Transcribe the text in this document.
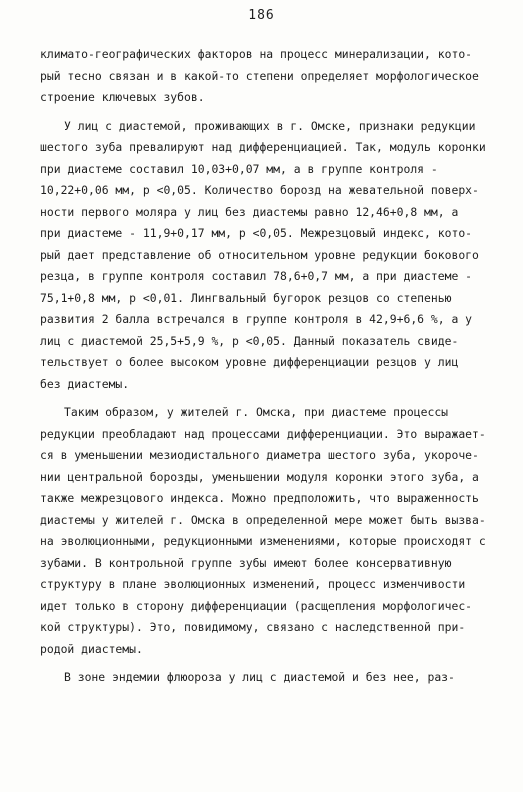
186
климато-географических факторов на процесс минерализации, кото-
рый тесно связан и в какой-то степени определяет морфологическое
строение ключевых зубов.
У лиц с диастемой, проживающих в г. Омске, признаки редукции
шестого зуба превалируют над дифференциацией. Так, модуль коронки
при диастеме составил 10,03+0,07 мм, а в группе контроля -
10,22+0,06 мм, р <0,05. Количество борозд на жевательной поверх-
ности первого моляра у лиц без диастемы равно 12,46+0,8 мм, а
при диастеме - 11,9+0,17 мм, р <0,05. Межрезцовый индекс, кото-
рый дает представление об относительном уровне редукции бокового
резца, в группе контроля составил 78,6+0,7 мм, а при диастеме -
75,1+0,8 мм, р <0,01. Лингвальный бугорок резцов со степенью
развития 2 балла встречался в группе контроля в 42,9+6,6 %, а у
лиц с диастемой 25,5+5,9 %, р <0,05. Данный показатель свиде-
тельствует о более высоком уровне дифференциации резцов у лиц
без диастемы.
Таким образом, у жителей г. Омска, при диастеме процессы
редукции преобладают над процессами дифференциации. Это выражает-
ся в уменьшении мезиодистального диаметра шестого зуба, укороче-
нии центральной борозды, уменьшении модуля коронки этого зуба, а
также межрезцового индекса. Можно предположить, что выраженность
диастемы у жителей г. Омска в определенной мере может быть вызва-
на эволюционными, редукционными изменениями, которые происходят с
зубами. В контрольной группе зубы имеют более консервативную
структуру в плане эволюционных изменений, процесс изменчивости
идет только в сторону дифференциации (расщепления морфологичес-
кой структуры). Это, повидимому, связано с наследственной при-
родой диастемы.
В зоне эндемии флюороза у лиц с диастемой и без нее, раз-
